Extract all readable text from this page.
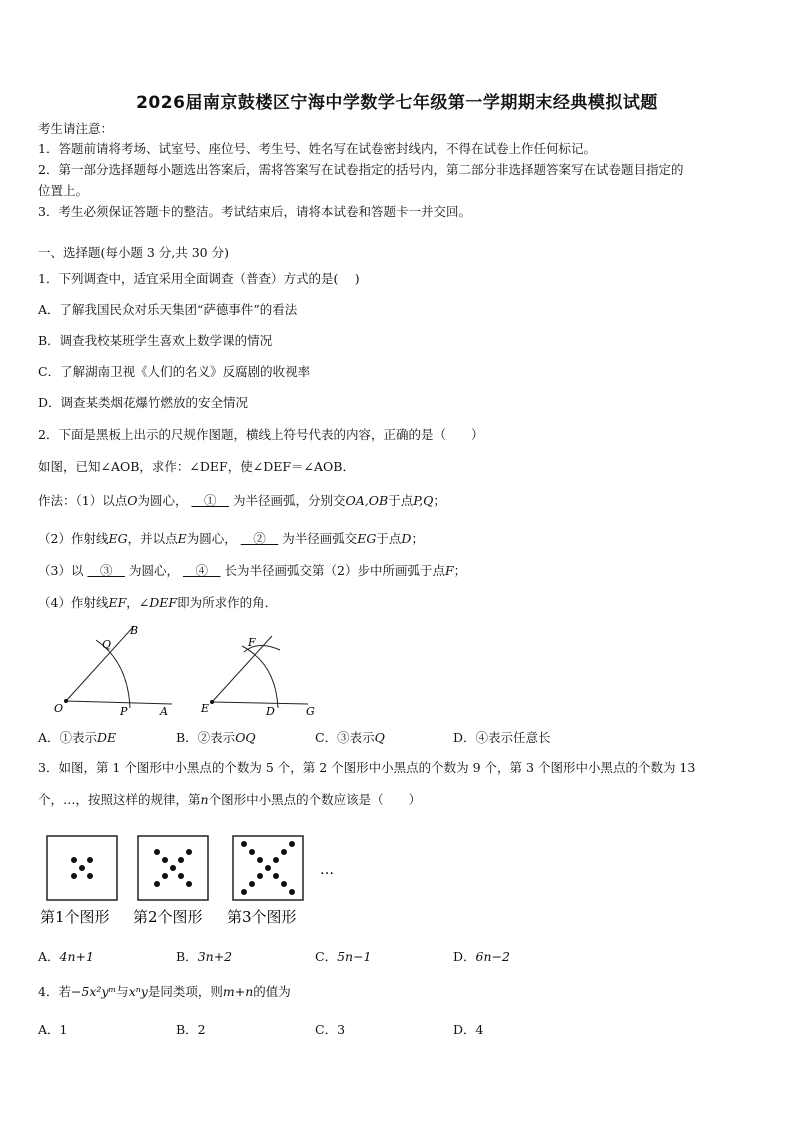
2026届南京鼓楼区宁海中学数学七年级第一学期期末经典模拟试题
考生请注意：
1．答题前请将考场、试室号、座位号、考生号、姓名写在试卷密封线内，不得在试卷上作任何标记。
2．第一部分选择题每小题选出答案后，需将答案写在试卷指定的括号内，第二部分非选择题答案写在试卷题目指定的
位置上。
3．考生必须保证答题卡的整洁。考试结束后，请将本试卷和答题卡一并交回。
一、选择题(每小题 3 分,共 30 分)
1．下列调查中，适宜采用全面调查（普查）方式的是(　 )
A．了解我国民众对乐天集团“萨德事件”的看法
B．调查我校某班学生喜欢上数学课的情况
C．了解湖南卫视《人们的名义》反腐剧的收视率
D．调查某类烟花爆竹燃放的安全情况
2．下面是黑板上出示的尺规作图题，横线上符号代表的内容，正确的是（　　）
如图，已知∠AOB，求作：∠DEF，使∠DEF＝∠AOB．
作法：（1）以点O为圆心，　①　为半径画弧，分别交OA,OB于点P,Q；
（2）作射线EG，并以点E为圆心，　②　为半径画弧交EG于点D；
（3）以　③　为圆心，　④　长为半径画弧交第（2）步中所画弧于点F；
（4）作射线EF，∠DEF即为所求作的角．
O	P	A
Q
B
E	D	G
F
A．①表示DE	B．②表示OQ	C．③表示Q	D．④表示任意长
3．如图，第 1 个图形中小黑点的个数为 5 个，第 2 个图形中小黑点的个数为 9 个，第 3 个图形中小黑点的个数为 13
个，…，按照这样的规律，第n个图形中小黑点的个数应该是（　　）
…
第1个图形 第2个图形 第3个图形
A．4n+1	B．3n+2	C．5n−1	D．6n−2
4．若−5x²yᵐ与xⁿy是同类项，则m+n的值为
A．1	B．2	C．3	D．4
